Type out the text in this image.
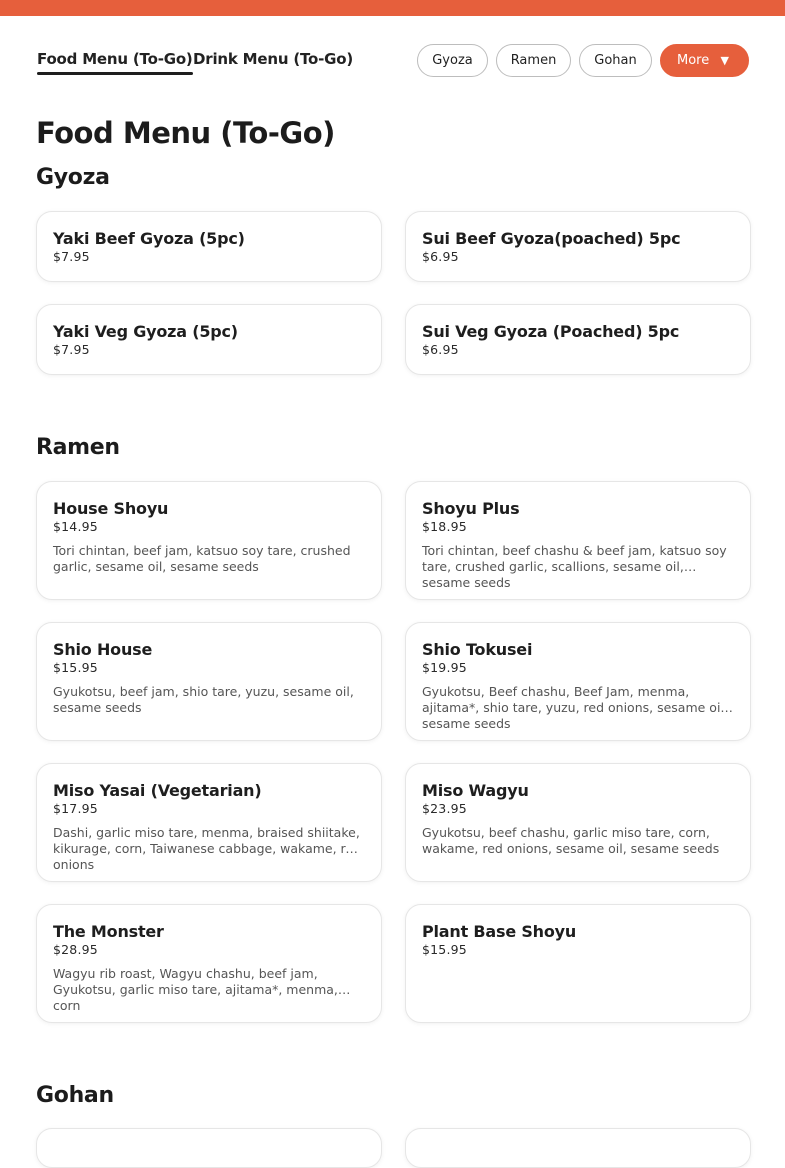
Food Menu (To-Go) Drink Menu (To-Go)	Gyoza	Ramen	Gohan	More ▼
Food Menu (To-Go)
Gyoza
Yaki Beef Gyoza (5pc)
$7.95
Sui Beef Gyoza(poached) 5pc
$6.95
Yaki Veg Gyoza (5pc)
$7.95
Sui Veg Gyoza (Poached) 5pc
$6.95
Ramen
House Shoyu
$14.95
Tori chintan, beef jam, katsuo soy tare, crushed garlic, sesame oil, sesame seeds
Shoyu Plus
$18.95
Tori chintan, beef chashu & beef jam, katsuo soy tare, crushed garlic, scallions, sesame oil, sesame seeds
Shio House
$15.95
Gyukotsu, beef jam, shio tare, yuzu, sesame oil, sesame seeds
Shio Tokusei
$19.95
Gyukotsu, Beef chashu, Beef Jam, menma, ajitama*, shio tare, yuzu, red onions, sesame oil, sesame seeds
Miso Yasai (Vegetarian)
$17.95
Dashi, garlic miso tare, menma, braised shiitake, kikurage, corn, Taiwanese cabbage, wakame, red onions
Miso Wagyu
$23.95
Gyukotsu, beef chashu, garlic miso tare, corn, wakame, red onions, sesame oil, sesame seeds
The Monster
$28.95
Wagyu rib roast, Wagyu chashu, beef jam, Gyukotsu, garlic miso tare, ajitama*, menma, corn
Plant Base Shoyu
$15.95
Gohan
